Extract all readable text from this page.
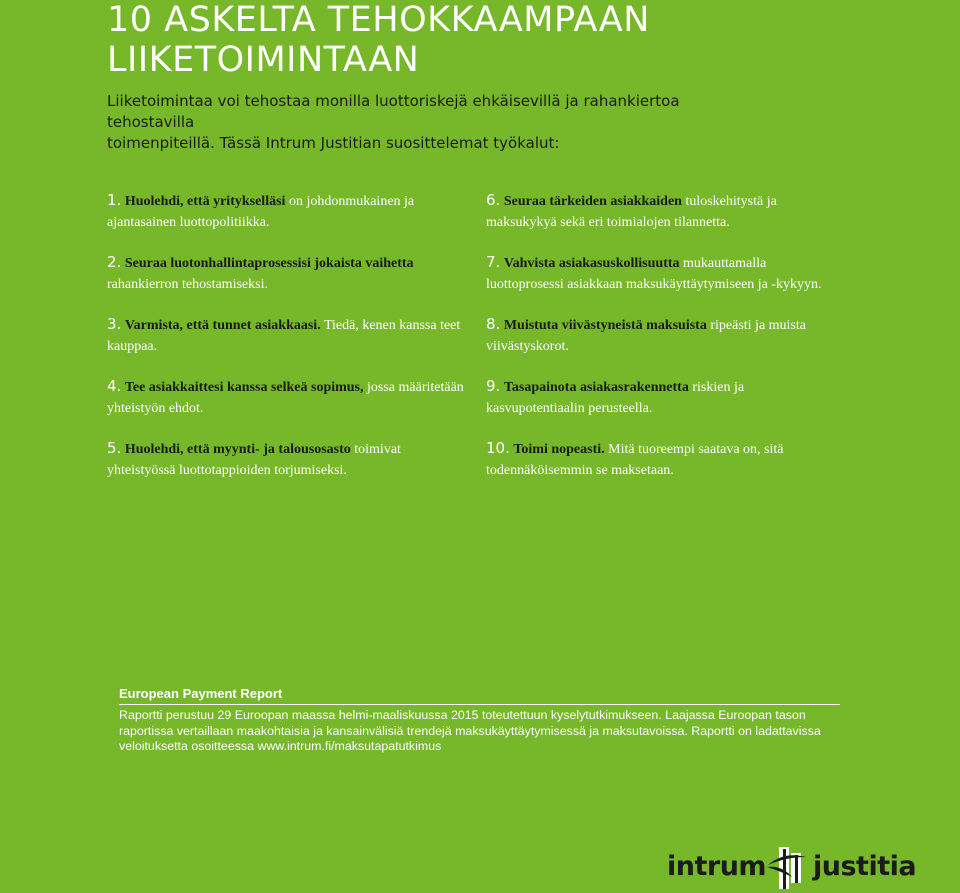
10 ASKELTA TEHOKKAAMPAAN
LIIKETOIMINTAAN

Liiketoimintaa voi tehostaa monilla luottoriskejä ehkäisevillä ja rahankiertoa tehostavilla
toimenpiteillä. Tässä Intrum Justitian suosittelemat työkalut:

1. Huolehdi, että yritykselläsi on johdonmukainen ja ajantasainen luottopolitiikka.

2. Seuraa luotonhallintaprosessisi jokaista vaihetta rahankierron tehostamiseksi.

3. Varmista, että tunnet asiakkaasi. Tiedä, kenen kanssa teet kauppaa.

4. Tee asiakkaittesi kanssa selkeä sopimus, jossa määritetään yhteistyön ehdot.

5. Huolehdi, että myynti- ja talousosasto toimivat yhteistyössä luottotappioiden torjumiseksi.

6. Seuraa tärkeiden asiakkaiden tuloskehitystä ja maksukykyä sekä eri toimialojen tilannetta.

7. Vahvista asiakasuskollisuutta mukauttamalla luottoprosessi asiakkaan maksukäyttäytymiseen ja -kykyyn.

8. Muistuta viivästyneistä maksuista ripeästi ja muista viivästyskorot.

9. Tasapainota asiakasrakennetta riskien ja kasvupotentiaalin perusteella.

10. Toimi nopeasti. Mitä tuoreempi saatava on, sitä todennäköisemmin se maksetaan.

European Payment Report

Raportti perustuu 29 Euroopan maassa helmi-maaliskuussa 2015 toteutettuun kyselytutkimukseen. Laajassa Euroopan tason raportissa vertaillaan maakohtaisia ja kansainvälisiä trendejä maksukäyttäytymisessä ja maksutavoissa. Raportti on ladattavissa veloituksetta osoitteessa www.intrum.fi/maksutapatutkimus

intrum justitia
